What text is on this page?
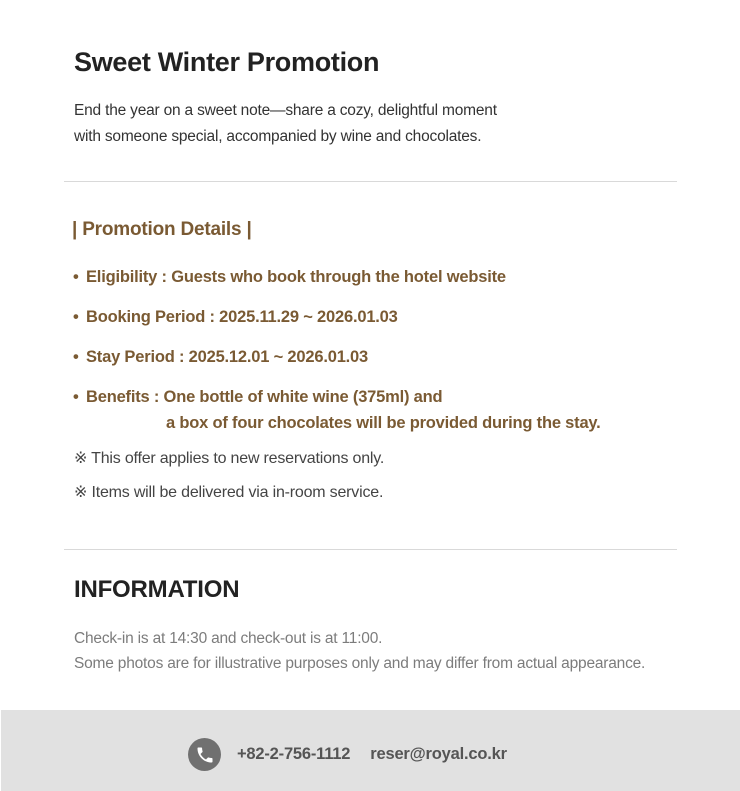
Sweet Winter Promotion

End the year on a sweet note—share a cozy, delightful moment

with someone special, accompanied by wine and chocolates.

| Promotion Details |
• Eligibility : Guests who book through the hotel website
• Booking Period : 2025.11.29 ~ 2026.01.03
• Stay Period : 2025.12.01 ~ 2026.01.03
• Benefits : One bottle of white wine (375ml) and
a box of four chocolates will be provided during the stay.

※ This offer applies to new reservations only.

※ Items will be delivered via in-room service.

INFORMATION

Check-in is at 14:30 and check-out is at 11:00.

Some photos are for illustrative purposes only and may differ from actual appearance.

+82-2-756-1112 reser@royal.co.kr
